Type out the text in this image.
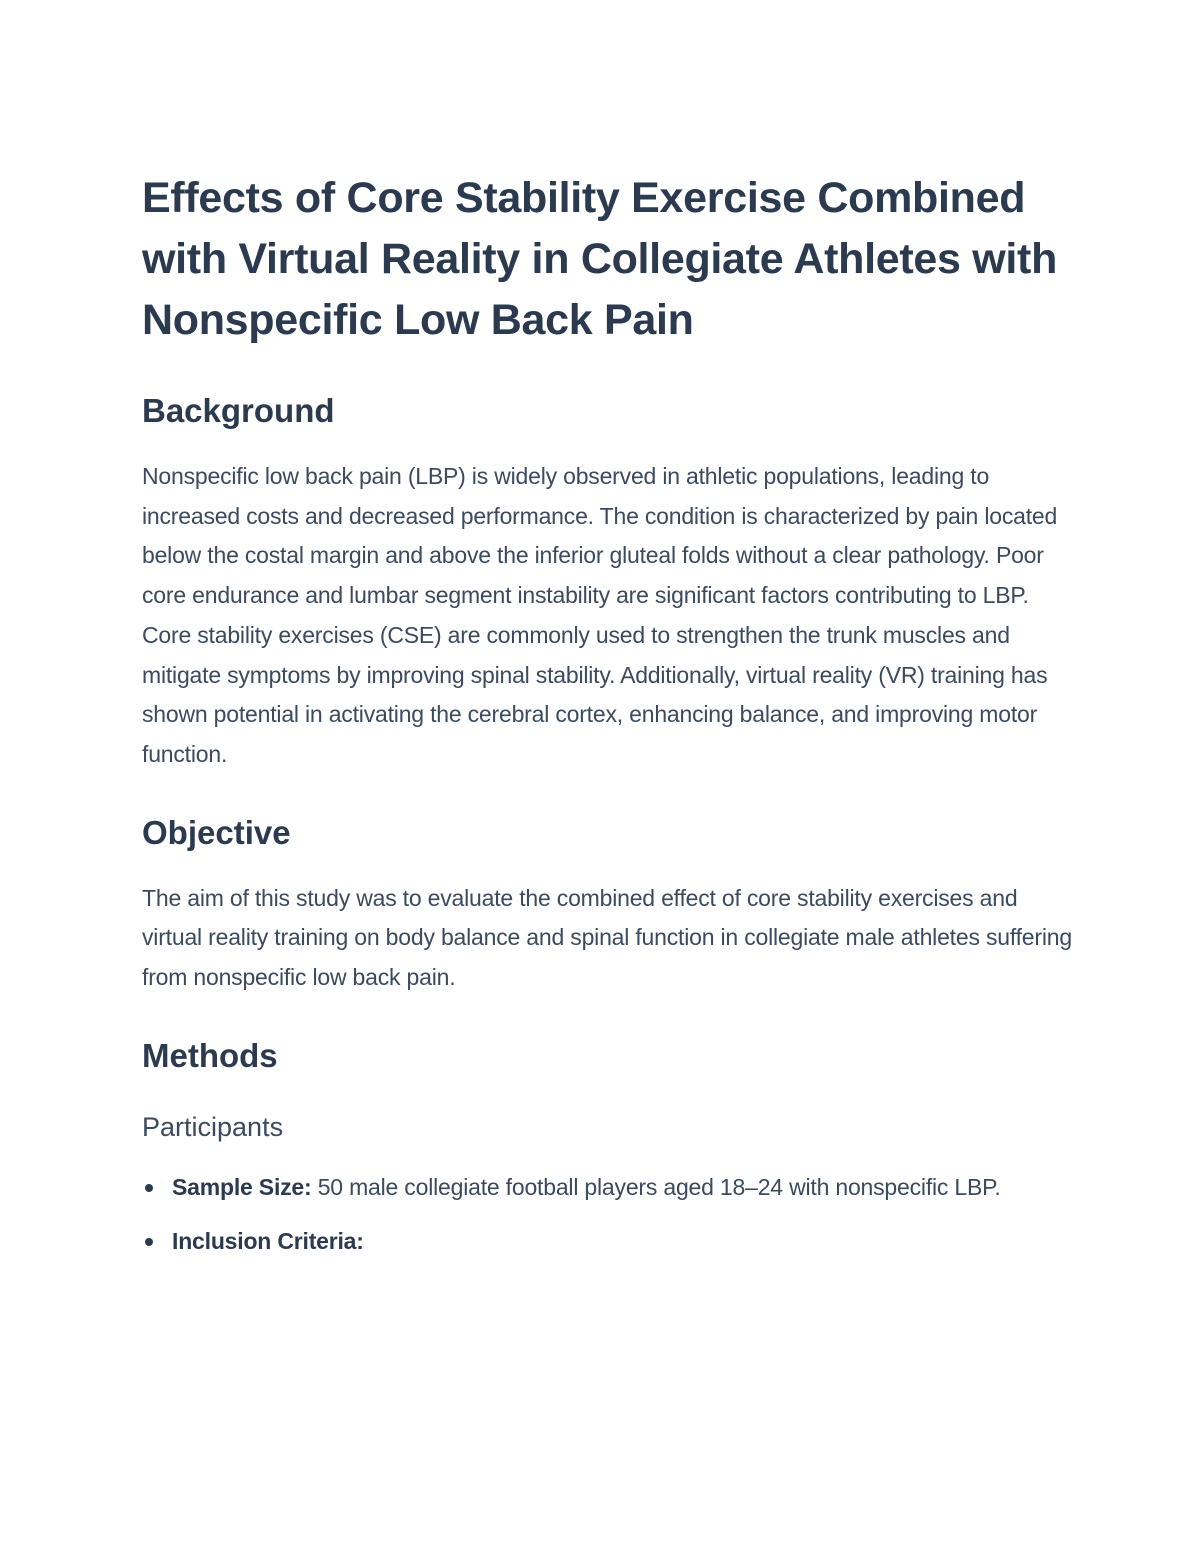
Effects of Core Stability Exercise Combined with Virtual Reality in Collegiate Athletes with Nonspecific Low Back Pain
Background

Nonspecific low back pain (LBP) is widely observed in athletic populations, leading to increased costs and decreased performance. The condition is characterized by pain located below the costal margin and above the inferior gluteal folds without a clear pathology. Poor core endurance and lumbar segment instability are significant factors contributing to LBP. Core stability exercises (CSE) are commonly used to strengthen the trunk muscles and mitigate symptoms by improving spinal stability. Additionally, virtual reality (VR) training has shown potential in activating the cerebral cortex, enhancing balance, and improving motor function.

Objective

The aim of this study was to evaluate the combined effect of core stability exercises and virtual reality training on body balance and spinal function in collegiate male athletes suffering from nonspecific low back pain.

Methods
Participants
Sample Size: 50 male collegiate football players aged 18–24 with nonspecific LBP.
Inclusion Criteria:
